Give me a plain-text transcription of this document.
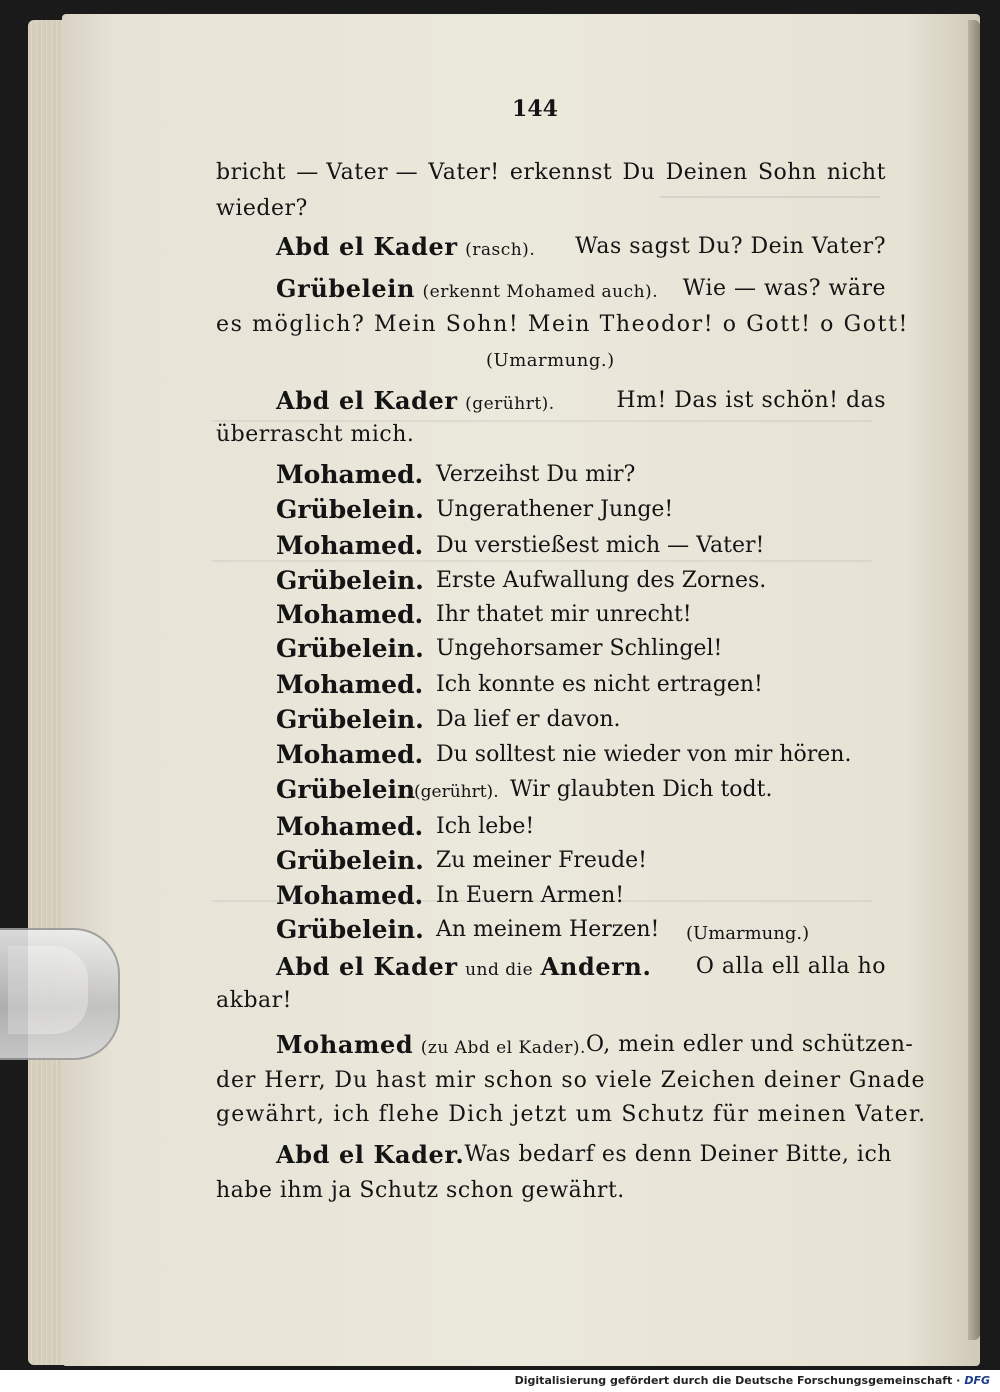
144
bricht — Vater — Vater! erkennst Du Deinen Sohn nicht
wieder?
Abd el Kader (rasch). Was sagst Du? Dein Vater?
Grübelein (erkennt Mohamed auch). Wie — was? wäre
es möglich? Mein Sohn! Mein Theodor! o Gott! o Gott!
(Umarmung.)
Abd el Kader (gerührt).	Hm! Das ist schön! das
überrascht mich.
Mohamed. Verzeihst Du mir?
Grübelein. Ungerathener Junge!
Mohamed. Du verstießest mich — Vater!
Grübelein. Erste Aufwallung des Zornes.
Mohamed. Ihr thatet mir unrecht!
Grübelein. Ungehorsamer Schlingel!
Mohamed. Ich konnte es nicht ertragen!
Grübelein. Da lief er davon.
Mohamed. Du solltest nie wieder von mir hören.
Grübelein
(gerührt). Wir glaubten Dich todt.
Mohamed. Ich lebe!
Grübelein. Zu meiner Freude!
Mohamed. In Euern Armen!
Grübelein. An meinem Herzen! (Umarmung.)
Abd el Kader und die Andern. O alla ell alla ho
akbar!
Mohamed (zu Abd el Kader). O, mein edler und schützen-
der Herr, Du hast mir schon so viele Zeichen deiner Gnade
gewährt, ich flehe Dich jetzt um Schutz für meinen Vater.
Abd el Kader. Was bedarf es denn Deiner Bitte, ich
habe ihm ja Schutz schon gewährt.
Digitalisierung gefördert durch die Deutsche Forschungsgemeinschaft · DFG
